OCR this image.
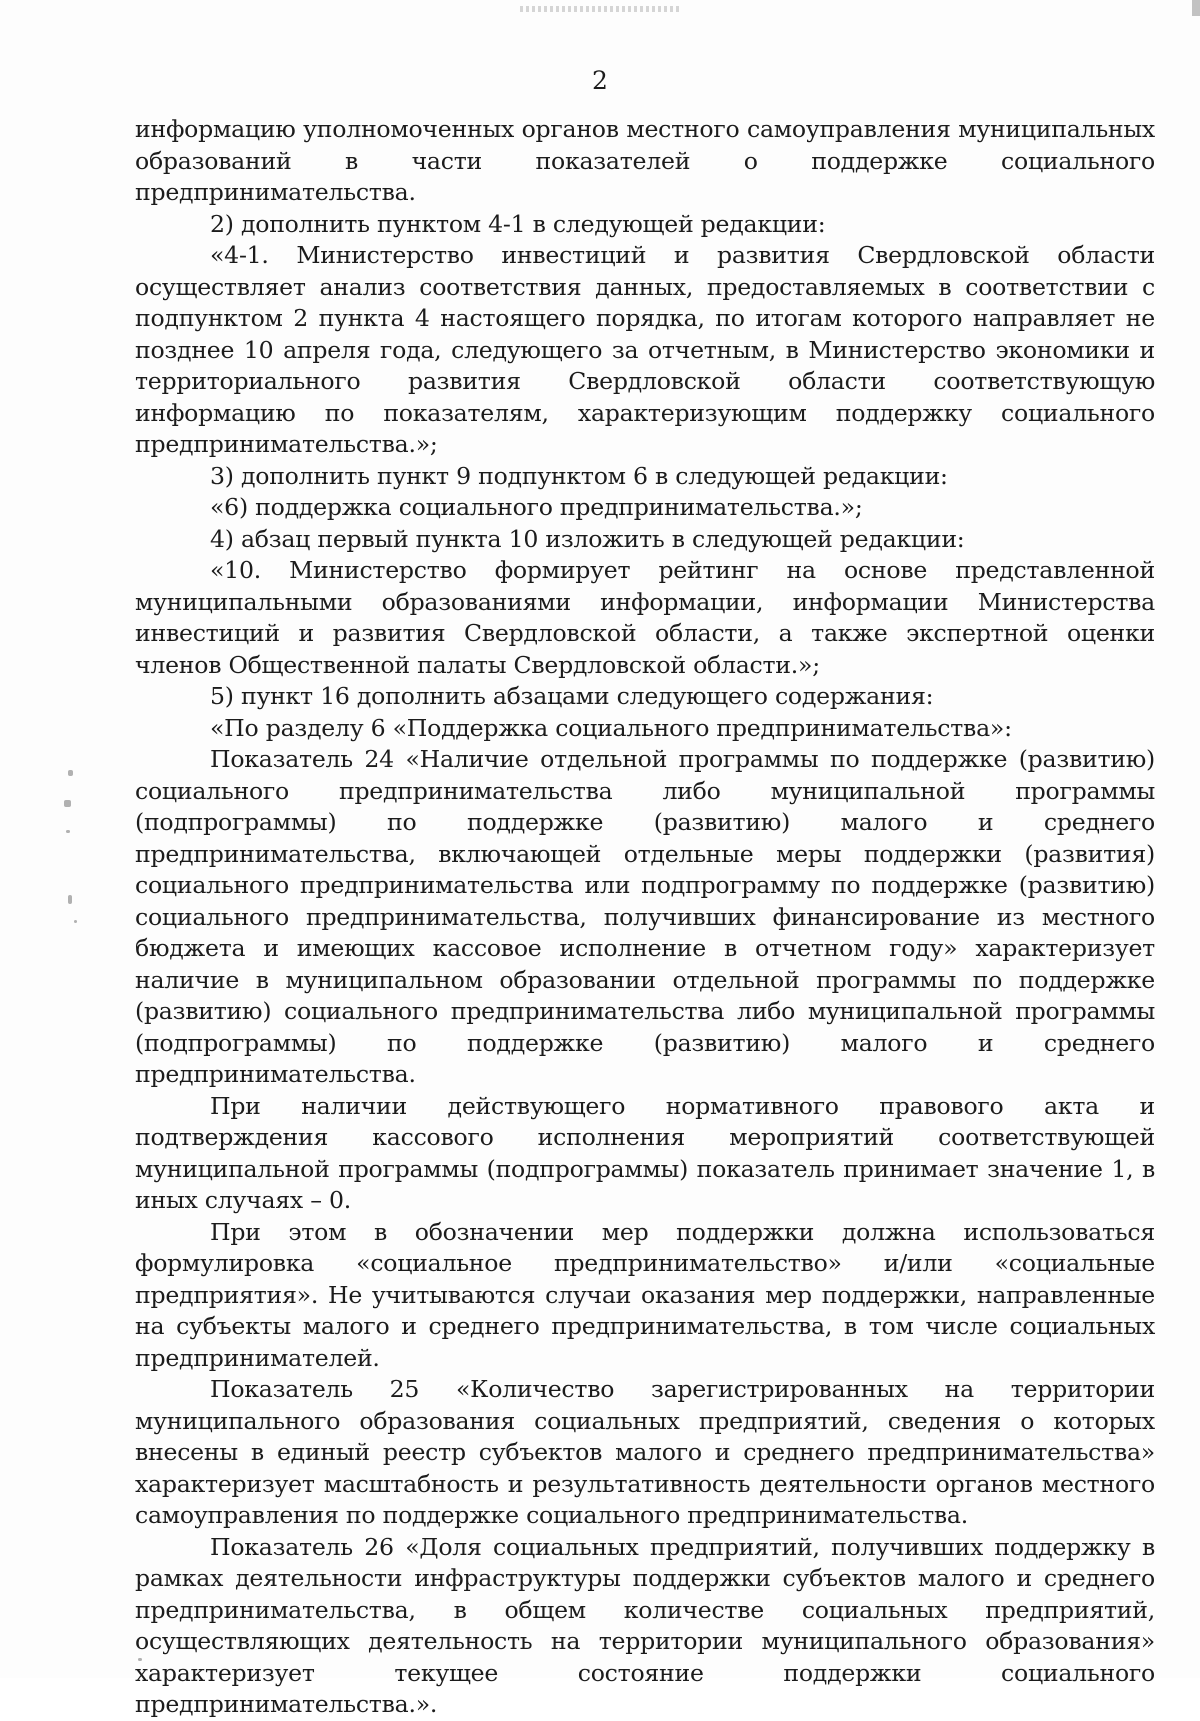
2

информацию уполномоченных органов местного самоуправления муниципальных образований в части показателей о поддержке социального предпринимательства.

2) дополнить пунктом 4-1 в следующей редакции:

«4-1. Министерство инвестиций и развития Свердловской области осуществляет анализ соответствия данных, предоставляемых в соответствии с подпунктом 2 пункта 4 настоящего порядка, по итогам которого направляет не позднее 10 апреля года, следующего за отчетным, в Министерство экономики и территориального развития Свердловской области соответствующую информацию по показателям, характеризующим поддержку социального предпринимательства.»;

3) дополнить пункт 9 подпунктом 6 в следующей редакции:

«6) поддержка социального предпринимательства.»;

4) абзац первый пункта 10 изложить в следующей редакции:

«10. Министерство формирует рейтинг на основе представленной муниципальными образованиями информации, информации Министерства инвестиций и развития Свердловской области, а также экспертной оценки членов Общественной палаты Свердловской области.»;

5) пункт 16 дополнить абзацами следующего содержания:

«По разделу 6 «Поддержка социального предпринимательства»:

Показатель 24 «Наличие отдельной программы по поддержке (развитию) социального предпринимательства либо муниципальной программы (подпрограммы) по поддержке (развитию) малого и среднего предпринимательства, включающей отдельные меры поддержки (развития) социального предпринимательства или подпрограмму по поддержке (развитию) социального предпринимательства, получивших финансирование из местного бюджета и имеющих кассовое исполнение в отчетном году» характеризует наличие в муниципальном образовании отдельной программы по поддержке (развитию) социального предпринимательства либо муниципальной программы (подпрограммы) по поддержке (развитию) малого и среднего предпринимательства.

При наличии действующего нормативного правового акта и подтверждения кассового исполнения мероприятий соответствующей муниципальной программы (подпрограммы) показатель принимает значение 1, в иных случаях – 0.

При этом в обозначении мер поддержки должна использоваться формулировка «социальное предпринимательство» и/или «социальные предприятия». Не учитываются случаи оказания мер поддержки, направленные на субъекты малого и среднего предпринимательства, в том числе социальных предпринимателей.

Показатель 25 «Количество зарегистрированных на территории муниципального образования социальных предприятий, сведения о которых внесены в единый реестр субъектов малого и среднего предпринимательства» характеризует масштабность и результативность деятельности органов местного самоуправления по поддержке социального предпринимательства.

Показатель 26 «Доля социальных предприятий, получивших поддержку в рамках деятельности инфраструктуры поддержки субъектов малого и среднего предпринимательства, в общем количестве социальных предприятий, осуществляющих деятельность на территории муниципального образования» характеризует текущее состояние поддержки социального предпринимательства.».
